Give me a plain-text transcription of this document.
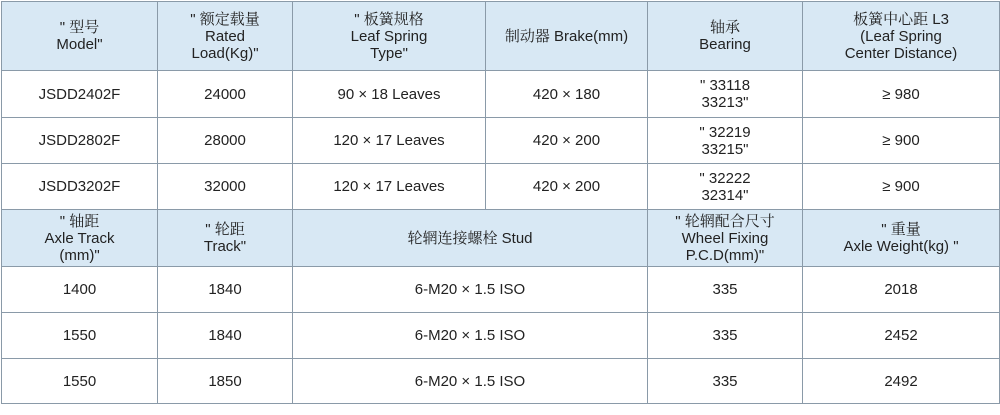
" 型号
Model"	" 额定载量
Rated
Load(Kg)"	" 板簧规格
Leaf Spring
Type"	制动器 Brake(mm)	轴承
Bearing	板簧中心距 L3
(Leaf Spring
Center Distance)
JSDD2402F	24000	90 × 18 Leaves	420 × 180	" 33118
33213"	≥ 980
JSDD2802F	28000	120 × 17 Leaves	420 × 200	" 32219
33215"	≥ 900
JSDD3202F	32000	120 × 17 Leaves	420 × 200	" 32222
32314"	≥ 900
" 轴距
Axle Track
(mm)"	" 轮距
Track"	轮辋连接螺栓 Stud		" 轮辋配合尺寸
Wheel Fixing
P.C.D(mm)"	" 重量
Axle Weight(kg) "
1400	1840	6-M20 × 1.5 ISO		335	2018
1550	1840	6-M20 × 1.5 ISO		335	2452
1550	1850	6-M20 × 1.5 ISO		335	2492
